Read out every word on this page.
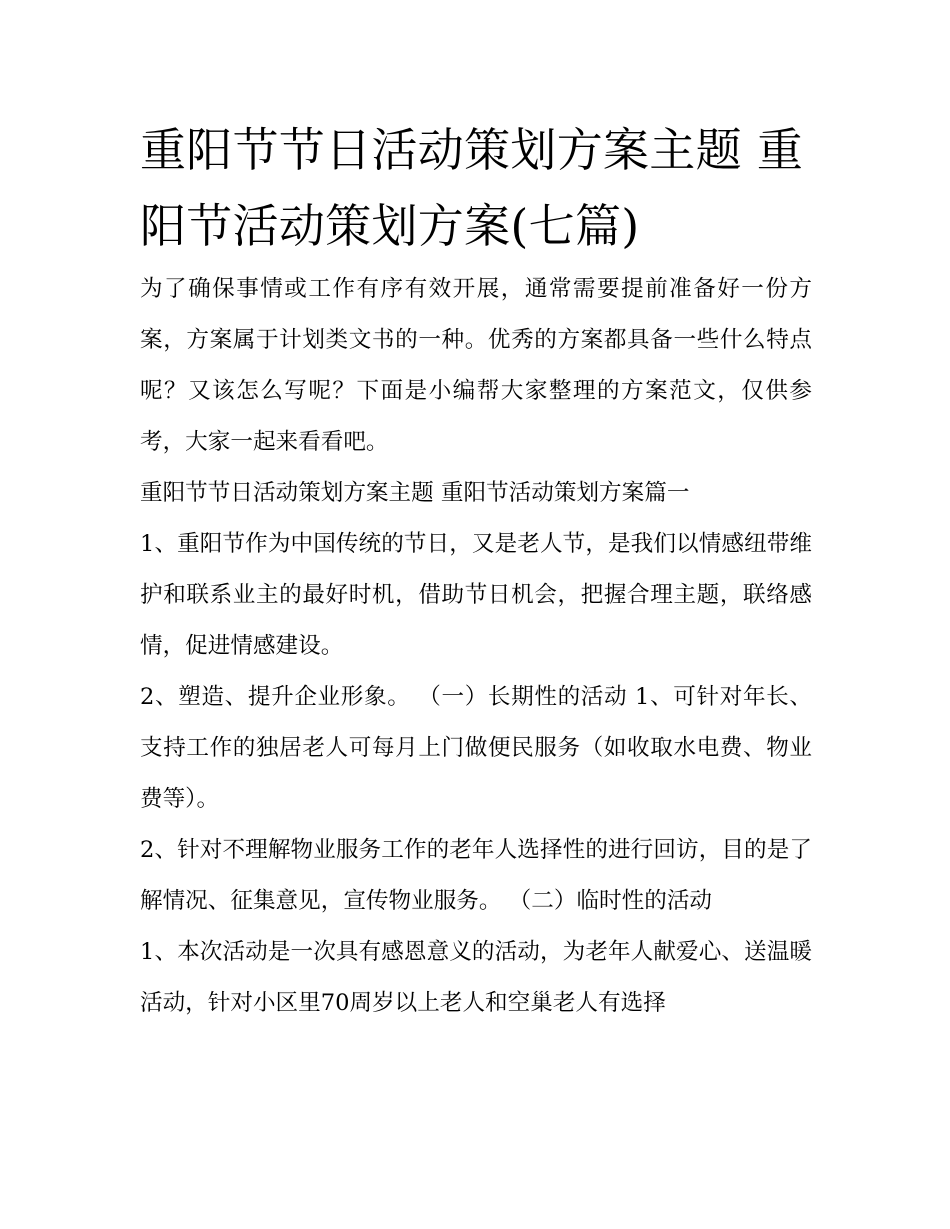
重阳节节日活动策划方案主题 重阳节活动策划方案(七篇)

为了确保事情或工作有序有效开展，通常需要提前准备好一份方案，方案属于计划类文书的一种。优秀的方案都具备一些什么特点呢？又该怎么写呢？下面是小编帮大家整理的方案范文，仅供参考，大家一起来看看吧。

重阳节节日活动策划方案主题 重阳节活动策划方案篇一

1、重阳节作为中国传统的节日，又是老人节，是我们以情感纽带维护和联系业主的最好时机，借助节日机会，把握合理主题，联络感情，促进情感建设。

2、塑造、提升企业形象。 （一）长期性的活动 1、可针对年长、支持工作的独居老人可每月上门做便民服务（如收取水电费、物业费等）。

2、针对不理解物业服务工作的老年人选择性的进行回访，目的是了解情况、征集意见，宣传物业服务。 （二）临时性的活动

1、本次活动是一次具有感恩意义的活动，为老年人献爱心、送温暖活动，针对小区里70周岁以上老人和空巢老人有选择
